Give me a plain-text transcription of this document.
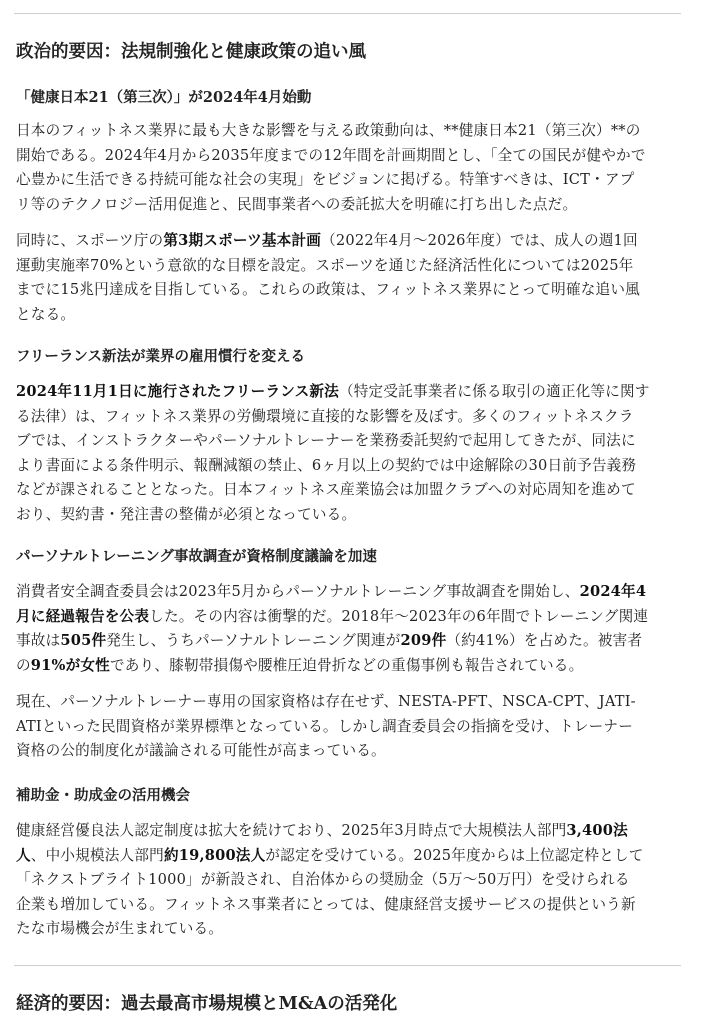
政治的要因：法規制強化と健康政策の追い風
「健康日本21（第三次）」が2024年4月始動

日本のフィットネス業界に最も大きな影響を与える政策動向は、**健康日本21（第三次）**の
開始である。2024年4月から2035年度までの12年間を計画期間とし、「全ての国民が健やかで
心豊かに生活できる持続可能な社会の実現」をビジョンに掲げる。特筆すべきは、ICT・アプ
リ等のテクノロジー活用促進と、民間事業者への委託拡大を明確に打ち出した点だ。

同時に、スポーツ庁の第3期スポーツ基本計画（2022年4月〜2026年度）では、成人の週1回
運動実施率70%という意欲的な目標を設定。スポーツを通じた経済活性化については2025年
までに15兆円達成を目指している。これらの政策は、フィットネス業界にとって明確な追い風
となる。

フリーランス新法が業界の雇用慣行を変える

2024年11月1日に施行されたフリーランス新法（特定受託事業者に係る取引の適正化等に関す
る法律）は、フィットネス業界の労働環境に直接的な影響を及ぼす。多くのフィットネスクラ
ブでは、インストラクターやパーソナルトレーナーを業務委託契約で起用してきたが、同法に
より書面による条件明示、報酬減額の禁止、6ヶ月以上の契約では中途解除の30日前予告義務
などが課されることとなった。日本フィットネス産業協会は加盟クラブへの対応周知を進めて
おり、契約書・発注書の整備が必須となっている。

パーソナルトレーニング事故調査が資格制度議論を加速

消費者安全調査委員会は2023年5月からパーソナルトレーニング事故調査を開始し、2024年4
月に経過報告を公表した。その内容は衝撃的だ。2018年〜2023年の6年間でトレーニング関連
事故は505件発生し、うちパーソナルトレーニング関連が209件（約41%）を占めた。被害者
の91%が女性であり、膝靭帯損傷や腰椎圧迫骨折などの重傷事例も報告されている。

現在、パーソナルトレーナー専用の国家資格は存在せず、NESTA-PFT、NSCA-CPT、JATI-
ATIといった民間資格が業界標準となっている。しかし調査委員会の指摘を受け、トレーナー
資格の公的制度化が議論される可能性が高まっている。

補助金・助成金の活用機会

健康経営優良法人認定制度は拡大を続けており、2025年3月時点で大規模法人部門3,400法
人、中小規模法人部門約19,800法人が認定を受けている。2025年度からは上位認定枠として
「ネクストブライト1000」が新設され、自治体からの奨励金（5万〜50万円）を受けられる
企業も増加している。フィットネス事業者にとっては、健康経営支援サービスの提供という新
たな市場機会が生まれている。

経済的要因：過去最高市場規模とM&Aの活発化
